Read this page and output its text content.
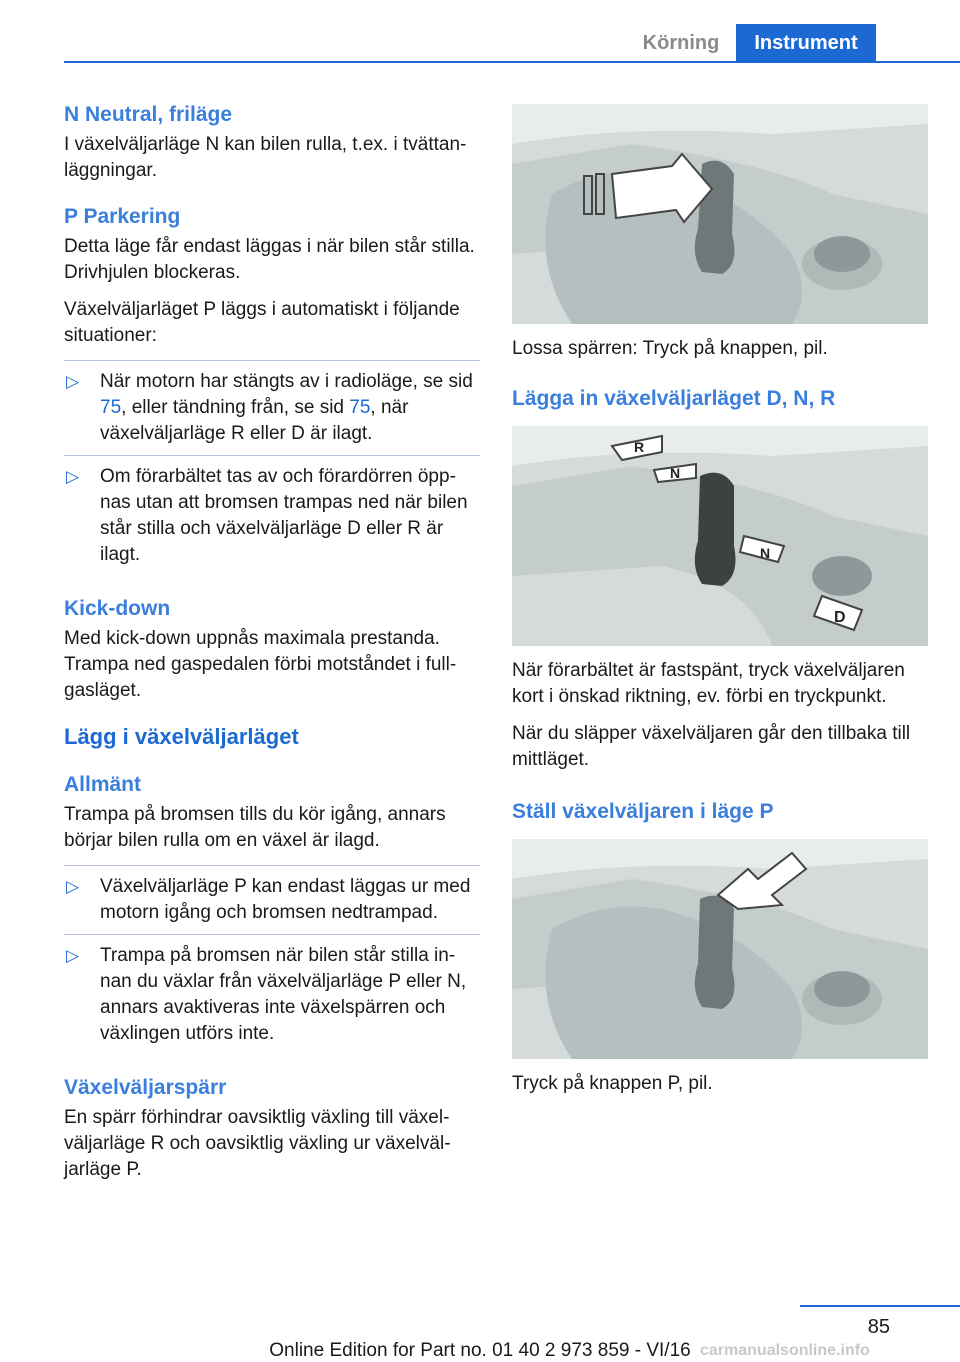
Körning	Instrument
N Neutral, friläge

I växelväljarläge N kan bilen rulla, t.ex. i tvättanläggningar.

P Parkering

Detta läge får endast läggas i när bilen står stilla. Drivhjulen blockeras.

Växelväljarläget P läggs i automatiskt i följande situationer:

▷ När motorn har stängts av i radioläge, se sid 75, eller tändning från, se sid 75, när växelväljarläge R eller D är ilagt.
▷ Om förarbältet tas av och förardörren öppnas utan att bromsen trampas ned när bilen står stilla och växelväljarläge D eller R är ilagt.
Kick-down

Med kick-down uppnås maximala prestanda. Trampa ned gaspedalen förbi motståndet i fullgasläget.

Lägg i växelväljarläget
Allmänt

Trampa på bromsen tills du kör igång, annars börjar bilen rulla om en växel är ilagd.

▷ Växelväljarläge P kan endast läggas ur med motorn igång och bromsen nedtrampad.
▷ Trampa på bromsen när bilen står stilla innan du växlar från växelväljarläge P eller N, annars avaktiveras inte växelspärren och växlingen utförs inte.
Växelväljarspärr

En spärr förhindrar oavsiktlig växling till växelväljarläge R och oavsiktlig växling ur växelväljarläge P.

Lossa spärren: Tryck på knappen, pil.

Lägga in växelväljarläget D, N, R
R
N
N
D

När förarbältet är fastspänt, tryck växelväljaren kort i önskad riktning, ev. förbi en tryckpunkt.

När du släpper växelväljaren går den tillbaka till mittläget.

Ställ växelväljaren i läge P

Tryck på knappen P, pil.

85
Online Edition for Part no. 01 40 2 973 859 - VI/16 carmanualsonline.info
